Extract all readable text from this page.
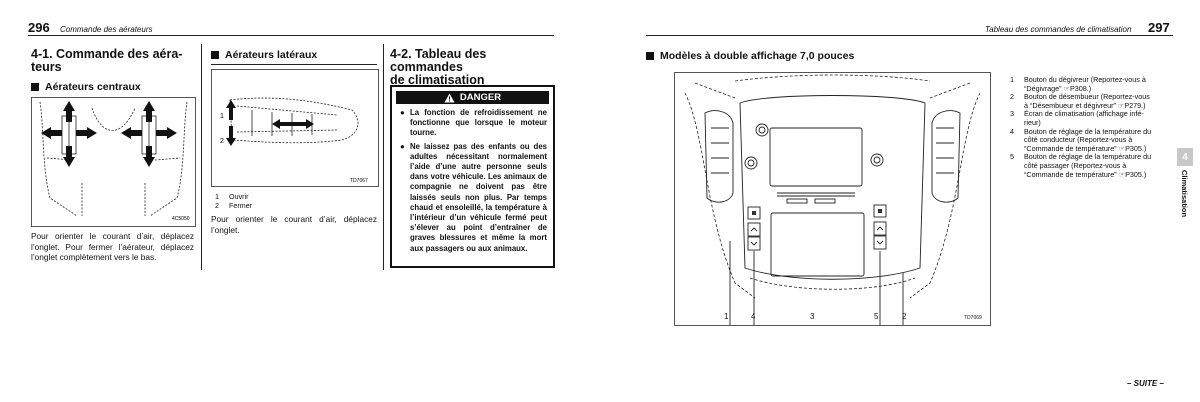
296 Commande des aérateurs
4-1. Commande des aéra-
teurs
Aérateurs centraux
4C5050
Pour orienter le courant d’air, déplacez l’onglet. Pour fermer l’aérateur, déplacez l’onglet complètement vers le bas.
Aérateurs latéraux
1
2
TD7067
1	Ouvrir
2	Fermer
Pour orienter le courant d’air, déplacez l’onglet.
4-2. Tableau des commandes
de climatisation
DANGER
● La fonction de refroidissement ne fonctionne que lorsque le moteur tourne.
● Ne laissez pas des enfants ou des adultes nécessitant normalement l’aide d’une autre personne seuls dans votre véhicule. Les animaux de compagnie ne doivent pas être laissés seuls non plus. Par temps chaud et ensoleillé, la température à l’intérieur d’un véhicule fermé peut s’élever au point d’entraîner de graves blessures et même la mort aux passagers ou aux animaux.
Tableau des commandes de climatisation 297
Modèles à double affichage 7,0 pouces
1	4	3	5	2	TD7069
1	Bouton du dégivreur (Reportez-vous à
“Dégivrage” ☞P308.)
2	Bouton de désembueur (Reportez-vous
à “Désembueur et dégivreur” ☞P279.)
3	Écran de climatisation (affichage infé-
rieur)
4	Bouton de réglage de la température du
côté conducteur (Reportez-vous à
“Commande de température” ☞P305.)
5	Bouton de réglage de la température du
côté passager (Reportez-vous à
“Commande de température” ☞P305.)
4
Climatisation
– SUITE –
